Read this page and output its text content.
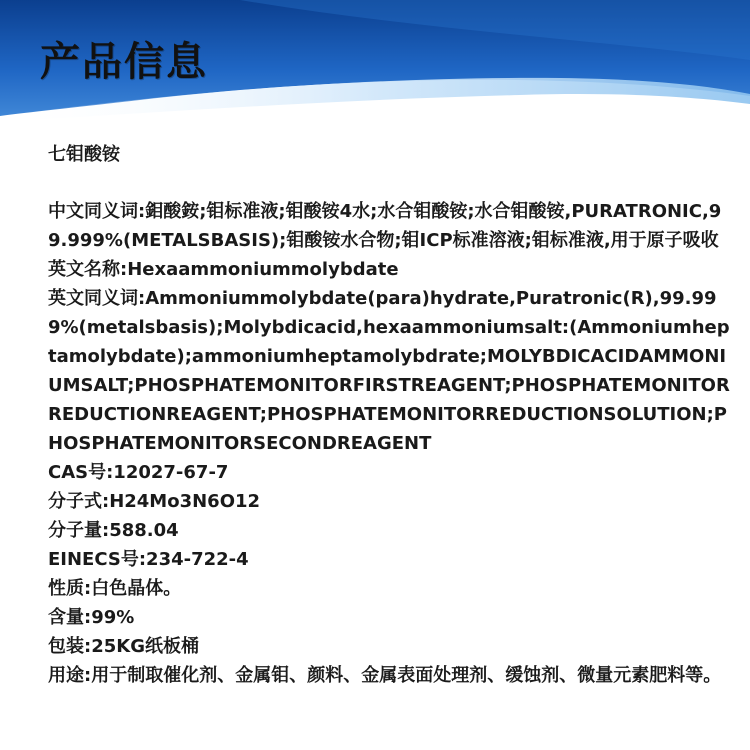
产品信息
七钼酸铵
中文同义词:鉬酸銨;钼标准液;钼酸铵4水;水合钼酸铵;水合钼酸铵,PURATRONIC,99.999%(METALSBASIS);钼酸铵水合物;钼ICP标准溶液;钼标准液,用于原子吸收
英文名称:Hexaammoniummolybdate
英文同义词:Ammoniummolybdate(para)hydrate,Puratronic(R),99.999%(metalsbasis);Molybdicacid,hexaammoniumsalt:(Ammoniumheptamolybdate);ammoniumheptamolybdrate;MOLYBDICACIDAMMONIUMSALT;PHOSPHATEMONITORFIRSTREAGENT;PHOSPHATEMONITORREDUCTIONREAGENT;PHOSPHATEMONITORREDUCTIONSOLUTION;PHOSPHATEMONITORSECONDREAGENT
CAS号:12027-67-7
分子式:H24Mo3N6O12
分子量:588.04
EINECS号:234-722-4
性质:白色晶体。
含量:99%
包装:25KG纸板桶
用途:用于制取催化剂、金属钼、颜料、金属表面处理剂、缓蚀剂、微量元素肥料等。
